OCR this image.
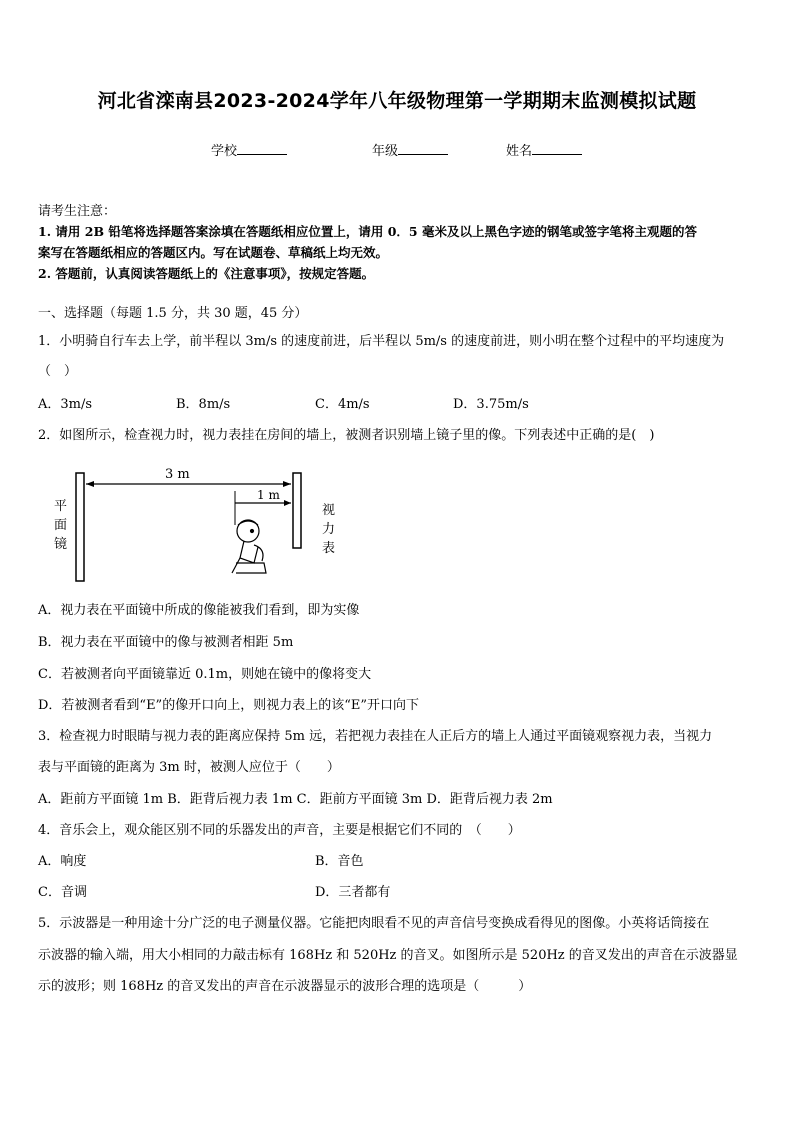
河北省滦南县2023-2024学年八年级物理第一学期期末监测模拟试题
学校	年级	姓名
请考生注意：
1. 请用 2B 铅笔将选择题答案涂填在答题纸相应位置上，请用 0．5 毫米及以上黑色字迹的钢笔或签字笔将主观题的答
案写在答题纸相应的答题区内。写在试题卷、草稿纸上均无效。
2. 答题前，认真阅读答题纸上的《注意事项》，按规定答题。
一、选择题（每题 1.5 分，共 30 题，45 分）
1．小明骑自行车去上学，前半程以 3m/s 的速度前进，后半程以 5m/s 的速度前进，则小明在整个过程中的平均速度为
（　）
A．3m/s	B．8m/s	C．4m/s	D．3.75m/s
2．如图所示，检查视力时，视力表挂在房间的墙上，被测者识别墙上镜子里的像。下列表述中正确的是(　)
3 m
1 m
平
面
镜
视
力
表
A．视力表在平面镜中所成的像能被我们看到，即为实像
B．视力表在平面镜中的像与被测者相距 5m
C．若被测者向平面镜靠近 0.1m，则她在镜中的像将变大
D．若被测者看到“E”的像开口向上，则视力表上的该“E”开口向下
3．检查视力时眼睛与视力表的距离应保持 5m 远，若把视力表挂在人正后方的墙上人通过平面镜观察视力表，当视力
表与平面镜的距离为 3m 时，被测人应位于（　　）
A．距前方平面镜 1m B．距背后视力表 1m C．距前方平面镜 3m D．距背后视力表 2m
4．音乐会上，观众能区别不同的乐器发出的声音，主要是根据它们不同的　（　　）
A．响度	B．音色
C．音调	D．三者都有
5．示波器是一种用途十分广泛的电子测量仪器。它能把肉眼看不见的声音信号变换成看得见的图像。小英将话筒接在
示波器的输入端，用大小相同的力敲击标有 168Hz 和 520Hz 的音叉。如图所示是 520Hz 的音叉发出的声音在示波器显
示的波形；则 168Hz 的音叉发出的声音在示波器显示的波形合理的选项是（　　　）
